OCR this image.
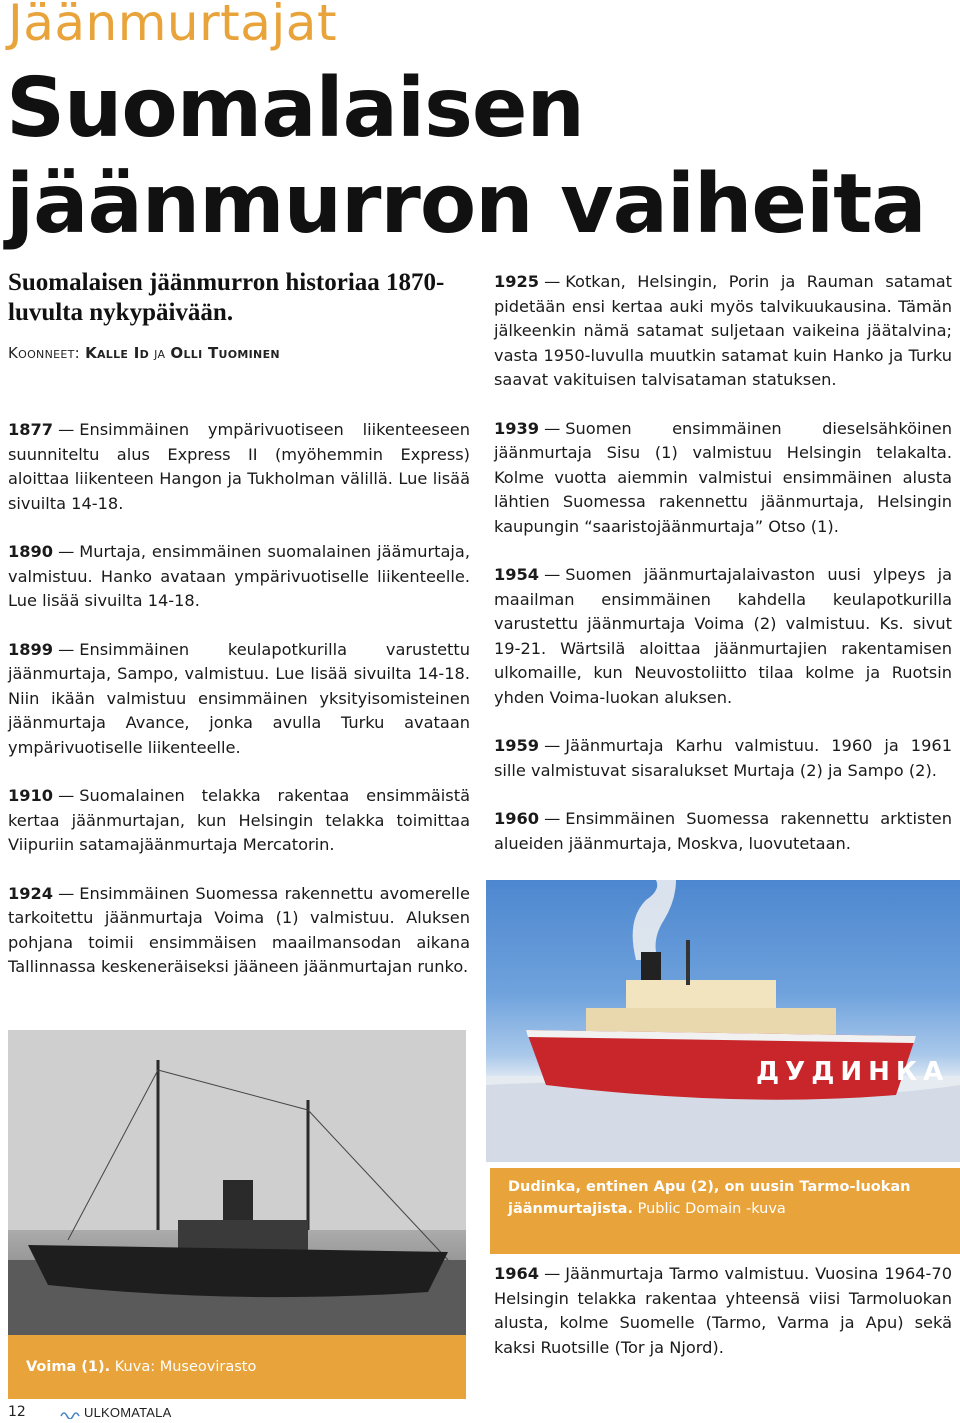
Jäänmurtajat
Suomalaisen
jäänmurron vaiheita
Suomalaisen jäänmurron historiaa 1870-luvulta nykypäivään.
Koonneet: Kalle Id ja Olli Tuominen

1877 — Ensimmäinen ympärivuotiseen liikenteeseen suunniteltu alus Express II (myöhemmin Express) aloittaa liikenteen Hangon ja Tukholman välillä. Lue lisää sivuilta 14-18.

1890 — Murtaja, ensimmäinen suomalainen jäämurtaja, valmistuu. Hanko avataan ympärivuotiselle liikenteelle. Lue lisää sivuilta 14-18.

1899 — Ensimmäinen keulapotkurilla varustettu jäänmurtaja, Sampo, valmistuu. Lue lisää sivuilta 14-18. Niin ikään valmistuu ensimmäinen yksityisomisteinen jäänmurtaja Avance, jonka avulla Turku avataan ympärivuotiselle liikenteelle.

1910 — Suomalainen telakka rakentaa ensimmäistä kertaa jäänmurtajan, kun Helsingin telakka toimittaa Viipuriin satamajäänmurtaja Mercatorin.

1924 — Ensimmäinen Suomessa rakennettu avomerelle tarkoitettu jäänmurtaja Voima (1) valmistuu. Aluksen pohjana toimii ensimmäisen maailmansodan aikana Tallinnassa keskeneräiseksi jääneen jäänmurtajan runko.

1925 — Kotkan, Helsingin, Porin ja Rauman satamat pidetään ensi kertaa auki myös talvikuukausina. Tämän jälkeenkin nämä satamat suljetaan vaikeina jäätalvina; vasta 1950-luvulla muutkin satamat kuin Hanko ja Turku saavat vakituisen talvisataman statuksen.

1939 — Suomen ensimmäinen dieselsähköinen jäänmurtaja Sisu (1) valmistuu Helsingin telakalta. Kolme vuotta aiemmin valmistui ensimmäinen alusta lähtien Suomessa rakennettu jäänmurtaja, Helsingin kaupungin “saaristojäänmurtaja” Otso (1).

1954 — Suomen jäänmurtajalaivaston uusi ylpeys ja maailman ensimmäinen kahdella keulapotkurilla varustettu jäänmurtaja Voima (2) valmistuu. Ks. sivut 19-21. Wärtsilä aloittaa jäänmurtajien rakentamisen ulkomaille, kun Neuvostoliitto tilaa kolme ja Ruotsin yhden Voima-luokan aluksen.

1959 — Jäänmurtaja Karhu valmistuu. 1960 ja 1961 sille valmistuvat sisaralukset Murtaja (2) ja Sampo (2).

1960 — Ensimmäinen Suomessa rakennettu arktisten alueiden jäänmurtaja, Moskva, luovutetaan.

ДУДИНКА
Dudinka, entinen Apu (2), on uusin Tarmo-luokan jäänmurtajista. Public Domain -kuva

1964 — Jäänmurtaja Tarmo valmistuu. Vuosina 1964-70 Helsingin telakka rakentaa yhteensä viisi Tarmoluokan alusta, kolme Suomelle (Tarmo, Varma ja Apu) sekä kaksi Ruotsille (Tor ja Njord).

Voima (1). Kuva: Museovirasto
12	ULKOMATALA
